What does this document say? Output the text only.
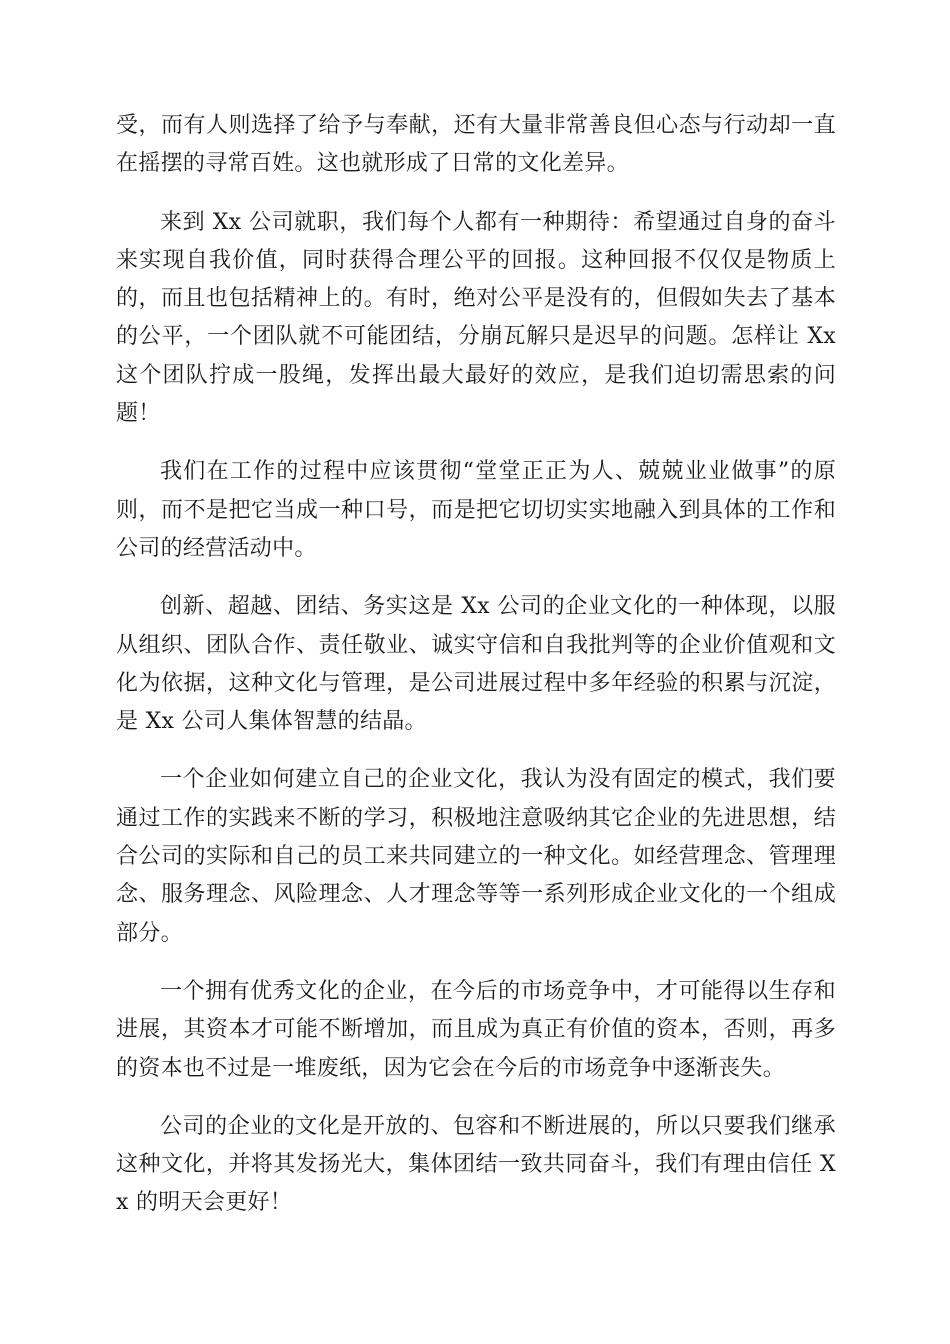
受，而有人则选择了给予与奉献，还有大量非常善良但心态与行动却一直在摇摆的寻常百姓。这也就形成了日常的文化差异。

来到 Xx 公司就职，我们每个人都有一种期待：希望通过自身的奋斗来实现自我价值，同时获得合理公平的回报。这种回报不仅仅是物质上的，而且也包括精神上的。有时，绝对公平是没有的，但假如失去了基本的公平，一个团队就不可能团结，分崩瓦解只是迟早的问题。怎样让 Xx 这个团队拧成一股绳，发挥出最大最好的效应，是我们迫切需思索的问题！

我们在工作的过程中应该贯彻“堂堂正正为人、兢兢业业做事”的原则，而不是把它当成一种口号，而是把它切切实实地融入到具体的工作和公司的经营活动中。

创新、超越、团结、务实这是 Xx 公司的企业文化的一种体现，以服从组织、团队合作、责任敬业、诚实守信和自我批判等的企业价值观和文化为依据，这种文化与管理，是公司进展过程中多年经验的积累与沉淀，是 Xx 公司人集体智慧的结晶。

一个企业如何建立自己的企业文化，我认为没有固定的模式，我们要通过工作的实践来不断的学习，积极地注意吸纳其它企业的先进思想，结合公司的实际和自己的员工来共同建立的一种文化。如经营理念、管理理念、服务理念、风险理念、人才理念等等一系列形成企业文化的一个组成部分。

一个拥有优秀文化的企业，在今后的市场竞争中，才可能得以生存和进展，其资本才可能不断增加，而且成为真正有价值的资本，否则，再多的资本也不过是一堆废纸，因为它会在今后的市场竞争中逐渐丧失。

公司的企业的文化是开放的、包容和不断进展的，所以只要我们继承这种文化，并将其发扬光大，集体团结一致共同奋斗，我们有理由信任 Xx 的明天会更好！
